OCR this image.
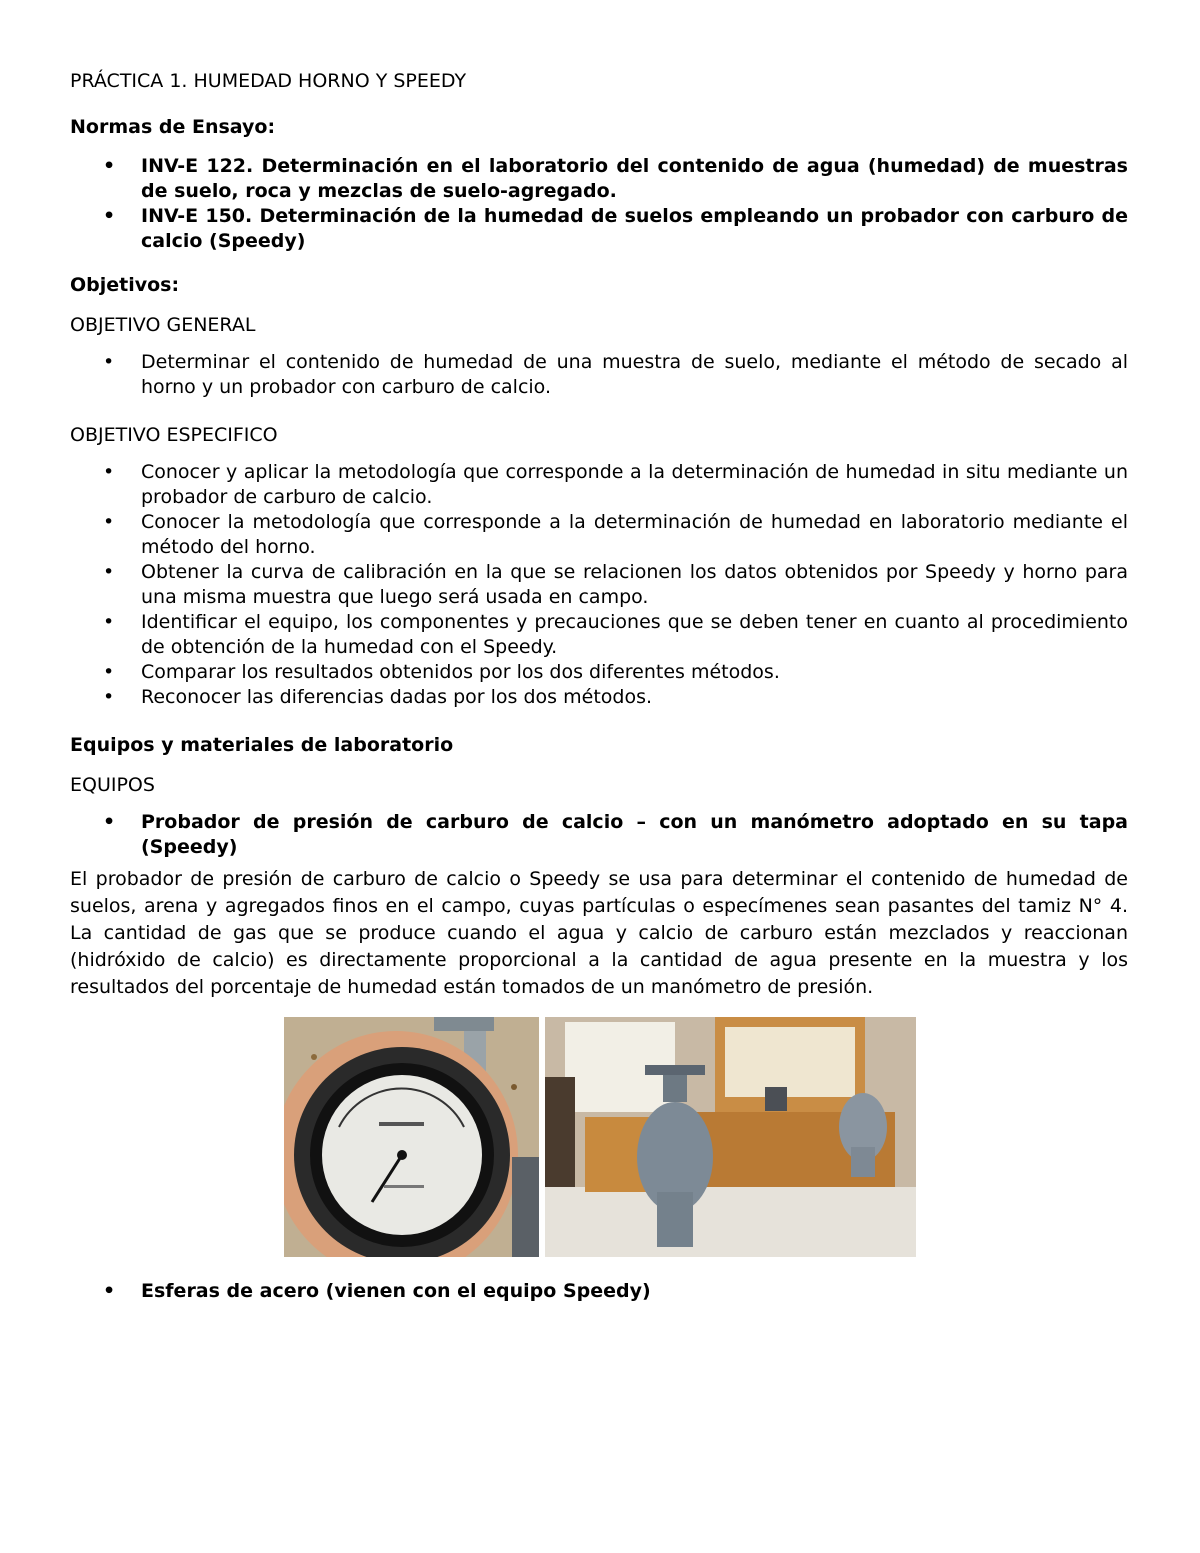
PRÁCTICA 1. HUMEDAD HORNO Y SPEEDY
Normas de Ensayo:
• INV-E 122. Determinación en el laboratorio del contenido de agua (humedad) de muestras de suelo, roca y mezclas de suelo-agregado.
• INV-E 150. Determinación de la humedad de suelos empleando un probador con carburo de calcio (Speedy)
Objetivos:
OBJETIVO GENERAL
• Determinar el contenido de humedad de una muestra de suelo, mediante el método de secado al horno y un probador con carburo de calcio.
OBJETIVO ESPECIFICO
• Conocer y aplicar la metodología que corresponde a la determinación de humedad in situ mediante un probador de carburo de calcio.
• Conocer la metodología que corresponde a la determinación de humedad en laboratorio mediante el método del horno.
• Obtener la curva de calibración en la que se relacionen los datos obtenidos por Speedy y horno para una misma muestra que luego será usada en campo.
• Identificar el equipo, los componentes y precauciones que se deben tener en cuanto al procedimiento de obtención de la humedad con el Speedy.
• Comparar los resultados obtenidos por los dos diferentes métodos.
• Reconocer las diferencias dadas por los dos métodos.
Equipos y materiales de laboratorio
EQUIPOS
• Probador de presión de carburo de calcio – con un manómetro adoptado en su tapa (Speedy)

El probador de presión de carburo de calcio o Speedy se usa para determinar el contenido de humedad de suelos, arena y agregados finos en el campo, cuyas partículas o especímenes sean pasantes del tamiz N° 4. La cantidad de gas que se produce cuando el agua y calcio de carburo están mezclados y reaccionan (hidróxido de calcio) es directamente proporcional a la cantidad de agua presente en la muestra y los resultados del porcentaje de humedad están tomados de un manómetro de presión.

• Esferas de acero (vienen con el equipo Speedy)
